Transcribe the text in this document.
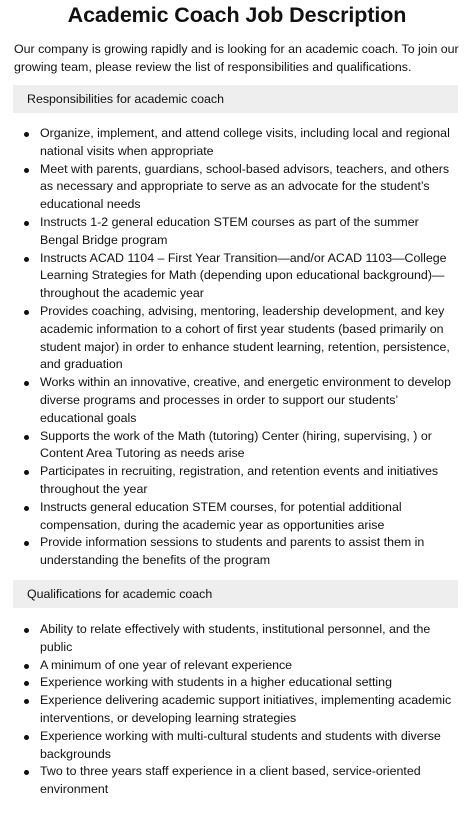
Academic Coach Job Description

Our company is growing rapidly and is looking for an academic coach. To join our growing team, please review the list of responsibilities and qualifications.

Responsibilities for academic coach
Organize, implement, and attend college visits, including local and regional national visits when appropriate
Meet with parents, guardians, school-based advisors, teachers, and others as necessary and appropriate to serve as an advocate for the student’s educational needs
Instructs 1-2 general education STEM courses as part of the summer Bengal Bridge program
Instructs ACAD 1104 – First Year Transition—and/or ACAD 1103—College Learning Strategies for Math (depending upon educational background)—throughout the academic year
Provides coaching, advising, mentoring, leadership development, and key academic information to a cohort of first year students (based primarily on student major) in order to enhance student learning, retention, persistence, and graduation
Works within an innovative, creative, and energetic environment to develop diverse programs and processes in order to support our students’ educational goals
Supports the work of the Math (tutoring) Center (hiring, supervising, ) or Content Area Tutoring as needs arise
Participates in recruiting, registration, and retention events and initiatives throughout the year
Instructs general education STEM courses, for potential additional compensation, during the academic year as opportunities arise
Provide information sessions to students and parents to assist them in understanding the benefits of the program
Qualifications for academic coach
Ability to relate effectively with students, institutional personnel, and the public
A minimum of one year of relevant experience
Experience working with students in a higher educational setting
Experience delivering academic support initiatives, implementing academic interventions, or developing learning strategies
Experience working with multi-cultural students and students with diverse backgrounds
Two to three years staff experience in a client based, service-oriented environment
